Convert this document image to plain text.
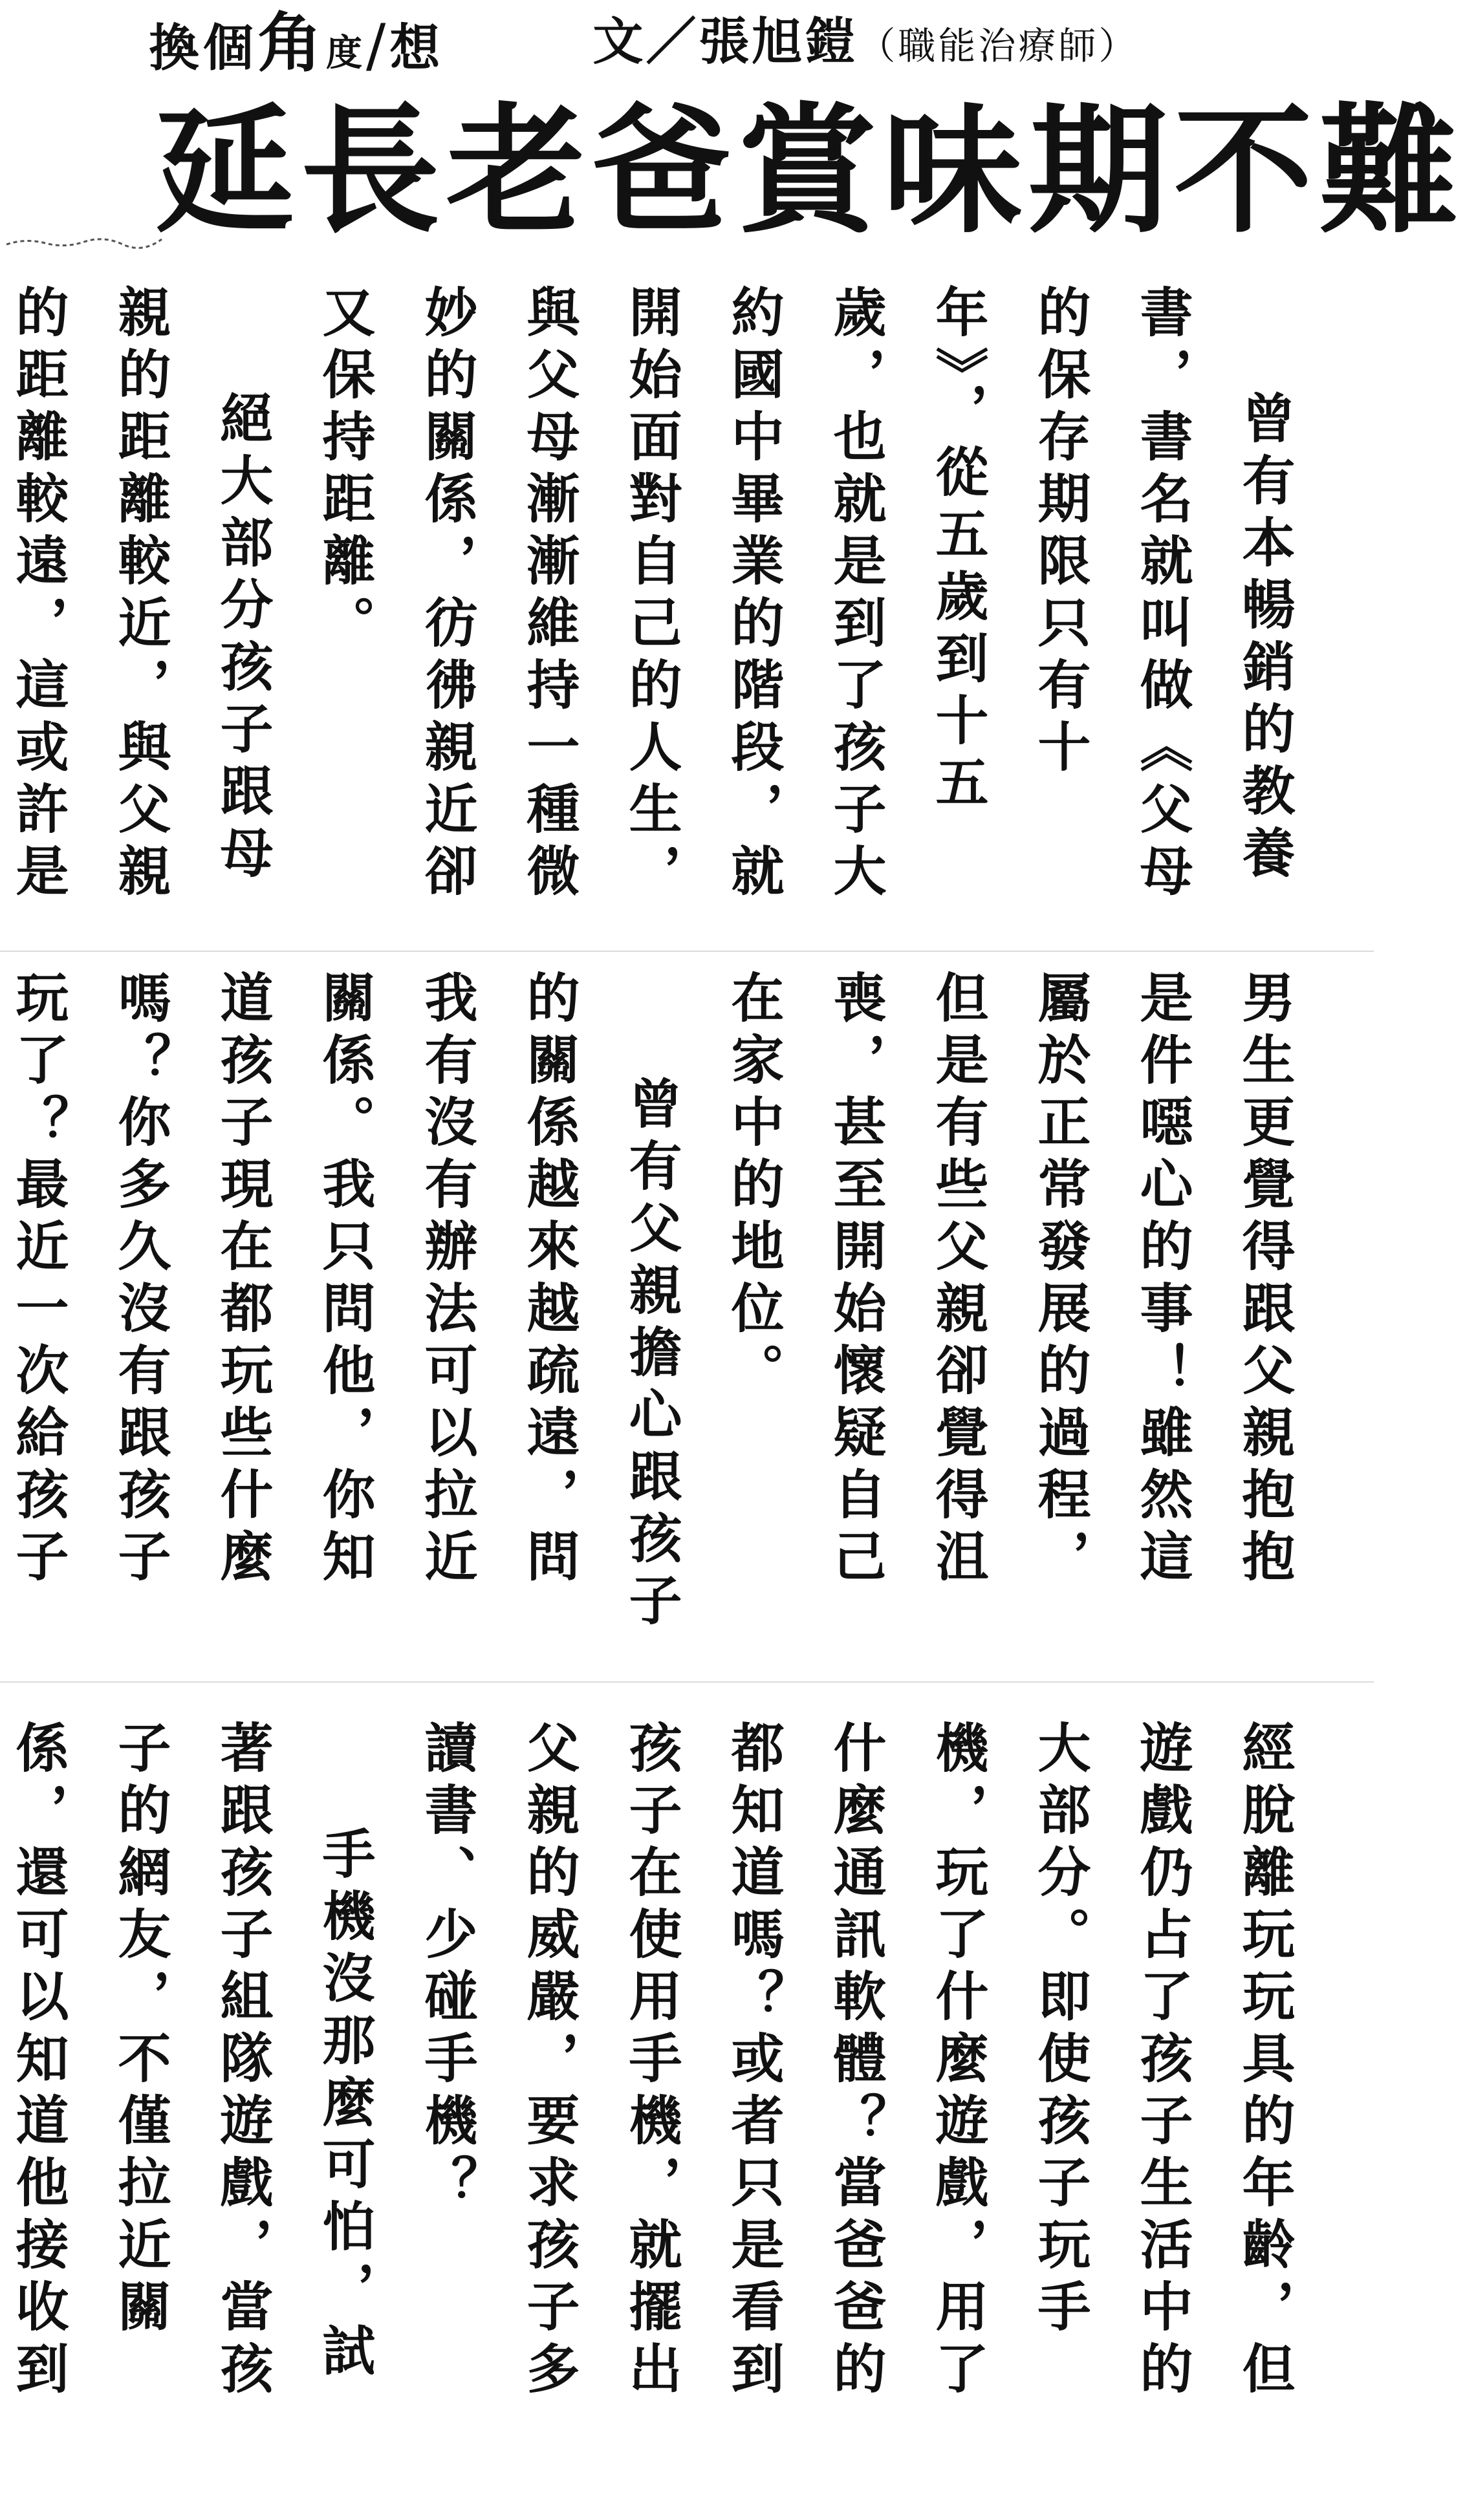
換個角度/想	文／張旭鎧（職能治療師）
延長老爸賞味期不難

曾有本暢銷的教養書，書名就叫做《父母的保存期限只有十年》，從五歲到十五歲，也就是到了孩子大約國中畢業的階段，就開始面對自己的人生，與父母漸漸維持一種微妙的關係，彷彿親近卻又保持距離。

絕大部分孩子跟母親的距離較近，與父親的距離較遠，這或許是

男生更覺得跟父親抱抱是件噁心的事！雖然這屬於正常發展的過程，但是有些父親卻覺得沮喪，甚至開始懷疑自己在家中的地位。

曾有父親擔心跟孩子的關係越來越疏遠，問我有沒有辦法可以拉近關係。我只問他，你知道孩子現在都玩些什麼嗎？你多久沒有跟孩子玩了？最近一次給孩子

經脫離玩玩具的年齡，但遊戲仍占了孩子生活中的大部分。即使孩子玩手機，玩了什麼遊戲，用了什麼通訊軟體？當爸爸的都知道嗎？或者只是看到孩子在使用手機，就擺出父親的威嚴，要求孩子多讀書、少碰手機？

手機沒那麼可怕，試著跟孩子組隊遊戲，當孩子的網友，不僅拉近關係，還可以知道他接收到
